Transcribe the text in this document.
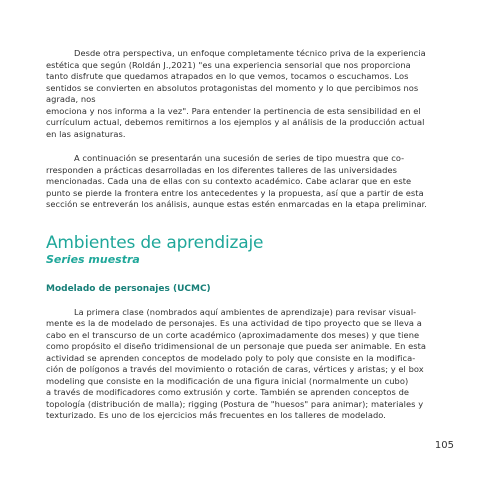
Desde otra perspectiva, un enfoque completamente técnico priva de la experiencia
estética que según (Roldán J.,2021) "es una experiencia sensorial que nos proporciona
tanto disfrute que quedamos atrapados en lo que vemos, tocamos o escuchamos. Los
sentidos se convierten en absolutos protagonistas del momento y lo que percibimos nos
agrada, nos
emociona y nos informa a la vez". Para entender la pertinencia de esta sensibilidad en el
currículum actual, debemos remitirnos a los ejemplos y al análisis de la producción actual
en las asignaturas.

A continuación se presentarán una sucesión de series de tipo muestra que co-
rresponden a prácticas desarrolladas en los diferentes talleres de las universidades
mencionadas. Cada una de ellas con su contexto académico. Cabe aclarar que en este
punto se pierde la frontera entre los antecedentes y la propuesta, así que a partir de esta
sección se entreverán los análisis, aunque estas estén enmarcadas en la etapa preliminar.

Ambientes de aprendizaje
Series muestra
Modelado de personajes (UCMC)

La primera clase (nombrados aquí ambientes de aprendizaje) para revisar visual-
mente es la de modelado de personajes. Es una actividad de tipo proyecto que se lleva a
cabo en el transcurso de un corte académico (aproximadamente dos meses) y que tiene
como propósito el diseño tridimensional de un personaje que pueda ser animable. En esta
actividad se aprenden conceptos de modelado poly to poly que consiste en la modifica-
ción de polígonos a través del movimiento o rotación de caras, vértices y aristas; y el box
modeling que consiste en la modificación de una figura inicial (normalmente un cubo)
a través de modificadores como extrusión y corte. También se aprenden conceptos de
topología (distribución de malla); rigging (Postura de "huesos" para animar); materiales y
texturizado. Es uno de los ejercicios más frecuentes en los talleres de modelado.

105
